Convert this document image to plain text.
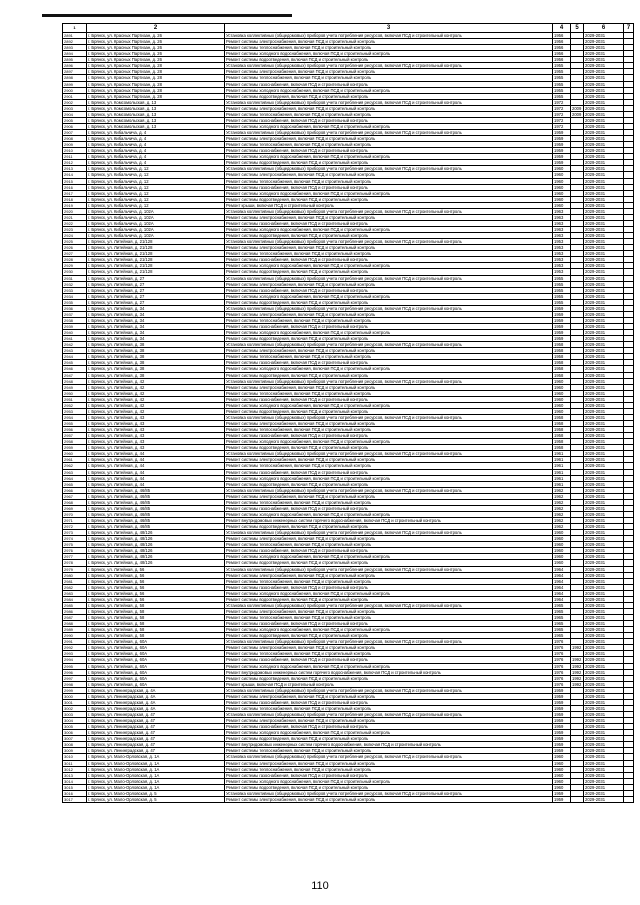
1	2	3	4	5	6	7
2891	г. Брянск, ул. Красных Партизан, д. 26	Установка коллективных (общедомовых) приборов учета потребления ресурсов, включая ПСД и строительный контроль	1956		2029-2031	
2892	г. Брянск, ул. Красных Партизан, д. 26	Ремонт системы электроснабжения, включая ПСД и строительный контроль	1956		2029-2031	
2893	г. Брянск, ул. Красных Партизан, д. 26	Ремонт системы теплоснабжения, включая ПСД и строительный контроль	1956		2029-2031	
2894	г. Брянск, ул. Красных Партизан, д. 26	Ремонт системы холодного водоснабжения, включая ПСД и строительный контроль	1956		2029-2031	
2895	г. Брянск, ул. Красных Партизан, д. 26	Ремонт системы водоотведения, включая ПСД и строительный контроль	1956		2029-2031	
2896	г. Брянск, ул. Красных Партизан, д. 28	Установка коллективных (общедомовых) приборов учета потребления ресурсов, включая ПСД и строительный контроль	1955		2029-2031	
2897	г. Брянск, ул. Красных Партизан, д. 28	Ремонт системы электроснабжения, включая ПСД и строительный контроль	1955		2029-2031	
2898	г. Брянск, ул. Красных Партизан, д. 28	Ремонт системы теплоснабжения, включая ПСД и строительный контроль	1955		2029-2031	
2899	г. Брянск, ул. Красных Партизан, д. 28	Ремонт системы газоснабжения, включая ПСД и строительный контроль	1955		2029-2031	
2900	г. Брянск, ул. Красных Партизан, д. 28	Ремонт системы холодного водоснабжения, включая ПСД и строительный контроль	1955		2029-2031	
2901	г. Брянск, ул. Красных Партизан, д. 28	Ремонт системы водоотведения, включая ПСД и строительный контроль	1955		2029-2031	
2902	г. Брянск, ул. Комсомольская, д. 13	Установка коллективных (общедомовых) приборов учета потребления ресурсов, включая ПСД и строительный контроль	1972		2029-2031	
2903	г. Брянск, ул. Комсомольская, д. 13	Ремонт системы электроснабжения, включая ПСД и строительный контроль	1972	2009	2029-2031	
2904	г. Брянск, ул. Комсомольская, д. 13	Ремонт системы теплоснабжения, включая ПСД и строительный контроль	1972	2009	2029-2031	
2905	г. Брянск, ул. Комсомольская, д. 13	Ремонт системы газоснабжения, включая ПСД и строительный контроль	1972		2029-2031	
2906	г. Брянск, ул. Комсомольская, д. 13	Ремонт системы холодного водоснабжения, включая ПСД и строительный контроль	1972		2029-2031	
2907	г. Брянск, ул. Кибальчича, д. 4	Установка коллективных (общедомовых) приборов учета потребления ресурсов, включая ПСД и строительный контроль	1959		2029-2031	
2908	г. Брянск, ул. Кибальчича, д. 4	Ремонт системы электроснабжения, включая ПСД и строительный контроль	1959		2029-2031	
2909	г. Брянск, ул. Кибальчича, д. 4	Ремонт системы теплоснабжения, включая ПСД и строительный контроль	1959		2029-2031	
2910	г. Брянск, ул. Кибальчича, д. 4	Ремонт системы газоснабжения, включая ПСД и строительный контроль	1959		2029-2031	
2911	г. Брянск, ул. Кибальчича, д. 4	Ремонт системы холодного водоснабжения, включая ПСД и строительный контроль	1959		2029-2031	
2912	г. Брянск, ул. Кибальчича, д. 4	Ремонт системы водоотведения, включая ПСД и строительный контроль	1959		2029-2031	
2913	г. Брянск, ул. Кибальчича, д. 12	Установка коллективных (общедомовых) приборов учета потребления ресурсов, включая ПСД и строительный контроль	1960		2029-2031	
2914	г. Брянск, ул. Кибальчича, д. 12	Ремонт системы электроснабжения, включая ПСД и строительный контроль	1960		2029-2031	
2915	г. Брянск, ул. Кибальчича, д. 12	Ремонт системы теплоснабжения, включая ПСД и строительный контроль	1960		2029-2031	
2916	г. Брянск, ул. Кибальчича, д. 12	Ремонт системы газоснабжения, включая ПСД и строительный контроль	1960		2029-2031	
2917	г. Брянск, ул. Кибальчича, д. 12	Ремонт системы холодного водоснабжения, включая ПСД и строительный контроль	1960		2029-2031	
2918	г. Брянск, ул. Кибальчича, д. 12	Ремонт системы водоотведения, включая ПСД и строительный контроль	1960		2029-2031	
2919	г. Брянск, ул. Кибальчича, д. 12	Ремонт крыши, включая ПСД и строительный контроль	1960		2029-2031	
2920	г. Брянск, ул. Кибальчича, д. 102А	Установка коллективных (общедомовых) приборов учета потребления ресурсов, включая ПСД и строительный контроль	1963		2029-2031	
2921	г. Брянск, ул. Кибальчича, д. 102А	Ремонт системы электроснабжения, включая ПСД и строительный контроль	1963		2029-2031	
2922	г. Брянск, ул. Кибальчича, д. 102А	Ремонт системы газоснабжения, включая ПСД и строительный контроль	1963		2029-2031	
2923	г. Брянск, ул. Кибальчича, д. 102А	Ремонт системы холодного водоснабжения, включая ПСД и строительный контроль	1963		2029-2031	
2924	г. Брянск, ул. Кибальчича, д. 102А	Ремонт системы водоотведения, включая ПСД и строительный контроль	1963		2029-2031	
2925	г. Брянск, ул. Литейная, д. 21/128	Установка коллективных (общедомовых) приборов учета потребления ресурсов, включая ПСД и строительный контроль	1953		2029-2031	
2926	г. Брянск, ул. Литейная, д. 21/128	Ремонт системы электроснабжения, включая ПСД и строительный контроль	1953		2029-2031	
2927	г. Брянск, ул. Литейная, д. 21/128	Ремонт системы теплоснабжения, включая ПСД и строительный контроль	1953		2029-2031	
2928	г. Брянск, ул. Литейная, д. 21/128	Ремонт системы газоснабжения, включая ПСД и строительный контроль	1953		2029-2031	
2929	г. Брянск, ул. Литейная, д. 21/128	Ремонт системы холодного водоснабжения, включая ПСД и строительный контроль	1953		2029-2031	
2930	г. Брянск, ул. Литейная, д. 21/128	Ремонт системы водоотведения, включая ПСД и строительный контроль	1953		2029-2031	
2931	г. Брянск, ул. Литейная, д. 27	Установка коллективных (общедомовых) приборов учета потребления ресурсов, включая ПСД и строительный контроль	1955		2029-2031	
2932	г. Брянск, ул. Литейная, д. 27	Ремонт системы электроснабжения, включая ПСД и строительный контроль	1955		2029-2031	
2933	г. Брянск, ул. Литейная, д. 27	Ремонт системы газоснабжения, включая ПСД и строительный контроль	1955		2029-2031	
2934	г. Брянск, ул. Литейная, д. 27	Ремонт системы холодного водоснабжения, включая ПСД и строительный контроль	1955		2029-2031	
2935	г. Брянск, ул. Литейная, д. 27	Ремонт системы водоотведения, включая ПСД и строительный контроль	1955		2029-2031	
2936	г. Брянск, ул. Литейная, д. 34	Установка коллективных (общедомовых) приборов учета потребления ресурсов, включая ПСД и строительный контроль	1959		2029-2031	
2937	г. Брянск, ул. Литейная, д. 34	Ремонт системы электроснабжения, включая ПСД и строительный контроль	1959		2029-2031	
2938	г. Брянск, ул. Литейная, д. 34	Ремонт системы теплоснабжения, включая ПСД и строительный контроль	1959		2029-2031	
2939	г. Брянск, ул. Литейная, д. 34	Ремонт системы газоснабжения, включая ПСД и строительный контроль	1959		2029-2031	
2940	г. Брянск, ул. Литейная, д. 34	Ремонт системы холодного водоснабжения, включая ПСД и строительный контроль	1959		2029-2031	
2941	г. Брянск, ул. Литейная, д. 34	Ремонт системы водоотведения, включая ПСД и строительный контроль	1959		2029-2031	
2942	г. Брянск, ул. Литейная, д. 38	Установка коллективных (общедомовых) приборов учета потребления ресурсов, включая ПСД и строительный контроль	1958		2029-2031	
2943	г. Брянск, ул. Литейная, д. 38	Ремонт системы электроснабжения, включая ПСД и строительный контроль	1958		2029-2031	
2944	г. Брянск, ул. Литейная, д. 38	Ремонт системы теплоснабжения, включая ПСД и строительный контроль	1958		2029-2031	
2945	г. Брянск, ул. Литейная, д. 38	Ремонт системы газоснабжения, включая ПСД и строительный контроль	1958		2029-2031	
2946	г. Брянск, ул. Литейная, д. 38	Ремонт системы холодного водоснабжения, включая ПСД и строительный контроль	1958		2029-2031	
2947	г. Брянск, ул. Литейная, д. 38	Ремонт системы водоотведения, включая ПСД и строительный контроль	1958		2029-2031	
2948	г. Брянск, ул. Литейная, д. 42	Установка коллективных (общедомовых) приборов учета потребления ресурсов, включая ПСД и строительный контроль	1960		2029-2031	
2949	г. Брянск, ул. Литейная, д. 42	Ремонт системы электроснабжения, включая ПСД и строительный контроль	1960		2029-2031	
2950	г. Брянск, ул. Литейная, д. 42	Ремонт системы теплоснабжения, включая ПСД и строительный контроль	1960		2029-2031	
2951	г. Брянск, ул. Литейная, д. 42	Ремонт системы газоснабжения, включая ПСД и строительный контроль	1960		2029-2031	
2952	г. Брянск, ул. Литейная, д. 42	Ремонт системы холодного водоснабжения, включая ПСД и строительный контроль	1960		2029-2031	
2953	г. Брянск, ул. Литейная, д. 42	Ремонт системы водоотведения, включая ПСД и строительный контроль	1960		2029-2031	
2954	г. Брянск, ул. Литейная, д. 43	Установка коллективных (общедомовых) приборов учета потребления ресурсов, включая ПСД и строительный контроль	1958		2029-2031	
2955	г. Брянск, ул. Литейная, д. 43	Ремонт системы электроснабжения, включая ПСД и строительный контроль	1958		2029-2031	
2956	г. Брянск, ул. Литейная, д. 43	Ремонт системы теплоснабжения, включая ПСД и строительный контроль	1958		2029-2031	
2957	г. Брянск, ул. Литейная, д. 43	Ремонт системы газоснабжения, включая ПСД и строительный контроль	1958		2029-2031	
2958	г. Брянск, ул. Литейная, д. 43	Ремонт системы холодного водоснабжения, включая ПСД и строительный контроль	1958		2029-2031	
2959	г. Брянск, ул. Литейная, д. 43	Ремонт системы водоотведения, включая ПСД и строительный контроль	1958		2029-2031	
2960	г. Брянск, ул. Литейная, д. 44	Установка коллективных (общедомовых) приборов учета потребления ресурсов, включая ПСД и строительный контроль	1961		2029-2031	
2961	г. Брянск, ул. Литейная, д. 44	Ремонт системы электроснабжения, включая ПСД и строительный контроль	1961		2029-2031	
2962	г. Брянск, ул. Литейная, д. 44	Ремонт системы теплоснабжения, включая ПСД и строительный контроль	1961		2029-2031	
2963	г. Брянск, ул. Литейная, д. 44	Ремонт системы газоснабжения, включая ПСД и строительный контроль	1961		2029-2031	
2964	г. Брянск, ул. Литейная, д. 44	Ремонт системы холодного водоснабжения, включая ПСД и строительный контроль	1961		2029-2031	
2965	г. Брянск, ул. Литейная, д. 44	Ремонт системы водоотведения, включая ПСД и строительный контроль	1961		2029-2031	
2966	г. Брянск, ул. Литейная, д. 46/85	Установка коллективных (общедомовых) приборов учета потребления ресурсов, включая ПСД и строительный контроль	1962		2029-2031	
2967	г. Брянск, ул. Литейная, д. 46/85	Ремонт системы электроснабжения, включая ПСД и строительный контроль	1962		2029-2031	
2968	г. Брянск, ул. Литейная, д. 46/85	Ремонт системы теплоснабжения, включая ПСД и строительный контроль	1962		2029-2031	
2969	г. Брянск, ул. Литейная, д. 46/85	Ремонт системы газоснабжения, включая ПСД и строительный контроль	1962		2029-2031	
2970	г. Брянск, ул. Литейная, д. 46/85	Ремонт системы холодного водоснабжения, включая ПСД и строительный контроль	1962		2029-2031	
2971	г. Брянск, ул. Литейная, д. 46/85	Ремонт внутридомовых инженерных систем горячего водоснабжения, включая ПСД и строительный контроль	1962		2029-2031	
2972	г. Брянск, ул. Литейная, д. 46/85	Ремонт системы водоотведения, включая ПСД и строительный контроль	1962		2029-2031	
2973	г. Брянск, ул. Литейная, д. 48/126	Установка коллективных (общедомовых) приборов учета потребления ресурсов, включая ПСД и строительный контроль	1960		2029-2031	
2974	г. Брянск, ул. Литейная, д. 48/126	Ремонт системы электроснабжения, включая ПСД и строительный контроль	1960		2029-2031	
2975	г. Брянск, ул. Литейная, д. 48/126	Ремонт системы теплоснабжения, включая ПСД и строительный контроль	1960		2029-2031	
2976	г. Брянск, ул. Литейная, д. 48/126	Ремонт системы газоснабжения, включая ПСД и строительный контроль	1960		2029-2031	
2977	г. Брянск, ул. Литейная, д. 48/126	Ремонт системы холодного водоснабжения, включая ПСД и строительный контроль	1960		2029-2031	
2978	г. Брянск, ул. Литейная, д. 48/126	Ремонт системы водоотведения, включая ПСД и строительный контроль	1960		2029-2031	
2979	г. Брянск, ул. Литейная, д. 56	Установка коллективных (общедомовых) приборов учета потребления ресурсов, включая ПСД и строительный контроль	1964		2029-2031	
2980	г. Брянск, ул. Литейная, д. 56	Ремонт системы электроснабжения, включая ПСД и строительный контроль	1964		2029-2031	
2981	г. Брянск, ул. Литейная, д. 56	Ремонт системы теплоснабжения, включая ПСД и строительный контроль	1964		2029-2031	
2982	г. Брянск, ул. Литейная, д. 56	Ремонт системы газоснабжения, включая ПСД и строительный контроль	1964		2029-2031	
2983	г. Брянск, ул. Литейная, д. 56	Ремонт системы холодного водоснабжения, включая ПСД и строительный контроль	1964		2029-2031	
2984	г. Брянск, ул. Литейная, д. 56	Ремонт системы водоотведения, включая ПСД и строительный контроль	1964		2029-2031	
2985	г. Брянск, ул. Литейная, д. 58	Установка коллективных (общедомовых) приборов учета потребления ресурсов, включая ПСД и строительный контроль	1965		2029-2031	
2986	г. Брянск, ул. Литейная, д. 58	Ремонт системы электроснабжения, включая ПСД и строительный контроль	1965		2029-2031	
2987	г. Брянск, ул. Литейная, д. 58	Ремонт системы теплоснабжения, включая ПСД и строительный контроль	1965		2029-2031	
2988	г. Брянск, ул. Литейная, д. 58	Ремонт системы газоснабжения, включая ПСД и строительный контроль	1965		2029-2031	
2989	г. Брянск, ул. Литейная, д. 58	Ремонт системы холодного водоснабжения, включая ПСД и строительный контроль	1965		2029-2031	
2990	г. Брянск, ул. Литейная, д. 58	Ремонт системы водоотведения, включая ПСД и строительный контроль	1965		2029-2031	
2991	г. Брянск, ул. Литейная, д. 60А	Установка коллективных (общедомовых) приборов учета потребления ресурсов, включая ПСД и строительный контроль	1976		2029-2031	
2992	г. Брянск, ул. Литейная, д. 60А	Ремонт системы электроснабжения, включая ПСД и строительный контроль	1976	1992	2029-2031	
2993	г. Брянск, ул. Литейная, д. 60А	Ремонт системы теплоснабжения, включая ПСД и строительный контроль	1976		2029-2031	
2994	г. Брянск, ул. Литейная, д. 60А	Ремонт системы газоснабжения, включая ПСД и строительный контроль	1976	1992	2029-2031	
2995	г. Брянск, ул. Литейная, д. 60А	Ремонт системы холодного водоснабжения, включая ПСД и строительный контроль	1976	1992	2029-2031	
2996	г. Брянск, ул. Литейная, д. 60А	Ремонт внутридомовых инженерных систем горячего водоснабжения, включая ПСД и строительный контроль	1976	1992	2029-2031	
2997	г. Брянск, ул. Литейная, д. 60А	Ремонт системы водоотведения, включая ПСД и строительный контроль	1976	1992	2029-2031	
2998	г. Брянск, ул. Литейная, д. 60А	Ремонт крыши, включая ПСД и строительный контроль	1976	1992	2029-2031	
2999	г. Брянск, ул. Ленинградская, д. 4А	Установка коллективных (общедомовых) приборов учета потребления ресурсов, включая ПСД и строительный контроль	1959		2029-2031	
3000	г. Брянск, ул. Ленинградская, д. 4А	Ремонт системы электроснабжения, включая ПСД и строительный контроль	1959		2029-2031	
3001	г. Брянск, ул. Ленинградская, д. 4А	Ремонт системы газоснабжения, включая ПСД и строительный контроль	1959		2029-2031	
3002	г. Брянск, ул. Ленинградская, д. 4А	Ремонт системы теплоснабжения, включая ПСД и строительный контроль	1959		2029-2031	
3003	г. Брянск, ул. Ленинградская, д. 47	Установка коллективных (общедомовых) приборов учета потребления ресурсов, включая ПСД и строительный контроль	1959		2029-2031	
3004	г. Брянск, ул. Ленинградская, д. 47	Ремонт системы электроснабжения, включая ПСД и строительный контроль	1959		2029-2031	
3005	г. Брянск, ул. Ленинградская, д. 47	Ремонт системы газоснабжения, включая ПСД и строительный контроль	1959		2029-2031	
3006	г. Брянск, ул. Ленинградская, д. 47	Ремонт системы холодного водоснабжения, включая ПСД и строительный контроль	1959		2029-2031	
3007	г. Брянск, ул. Ленинградская, д. 47	Ремонт системы водоотведения, включая ПСД и строительный контроль	1959		2029-2031	
3008	г. Брянск, ул. Ленинградская, д. 47	Ремонт внутридомовых инженерных систем горячего водоснабжения, включая ПСД и строительный контроль	1959		2029-2031	
3009	г. Брянск, ул. Ленинградская, д. 47	Ремонт системы теплоснабжения, включая ПСД и строительный контроль	1959		2029-2031	
3010	г. Брянск, ул. Мало-Орловская, д. 1А	Установка коллективных (общедомовых) приборов учета потребления ресурсов, включая ПСД и строительный контроль	1960		2029-2031	
3011	г. Брянск, ул. Мало-Орловская, д. 1А	Ремонт системы электроснабжения, включая ПСД и строительный контроль	1960		2029-2031	
3012	г. Брянск, ул. Мало-Орловская, д. 1А	Ремонт системы теплоснабжения, включая ПСД и строительный контроль	1960		2029-2031	
3013	г. Брянск, ул. Мало-Орловская, д. 1А	Ремонт системы газоснабжения, включая ПСД и строительный контроль	1960		2029-2031	
3014	г. Брянск, ул. Мало-Орловская, д. 1А	Ремонт системы холодного водоснабжения, включая ПСД и строительный контроль	1960		2029-2031	
3015	г. Брянск, ул. Мало-Орловская, д. 1А	Ремонт системы водоотведения, включая ПСД и строительный контроль	1960		2029-2031	
3016	г. Брянск, ул. Мало-Орловская, д. 5	Установка коллективных (общедомовых) приборов учета потребления ресурсов, включая ПСД и строительный контроль	1959		2029-2031	
3017	г. Брянск, ул. Мало-Орловская, д. 5	Ремонт системы электроснабжения, включая ПСД и строительный контроль	1959		2029-2031	
110
